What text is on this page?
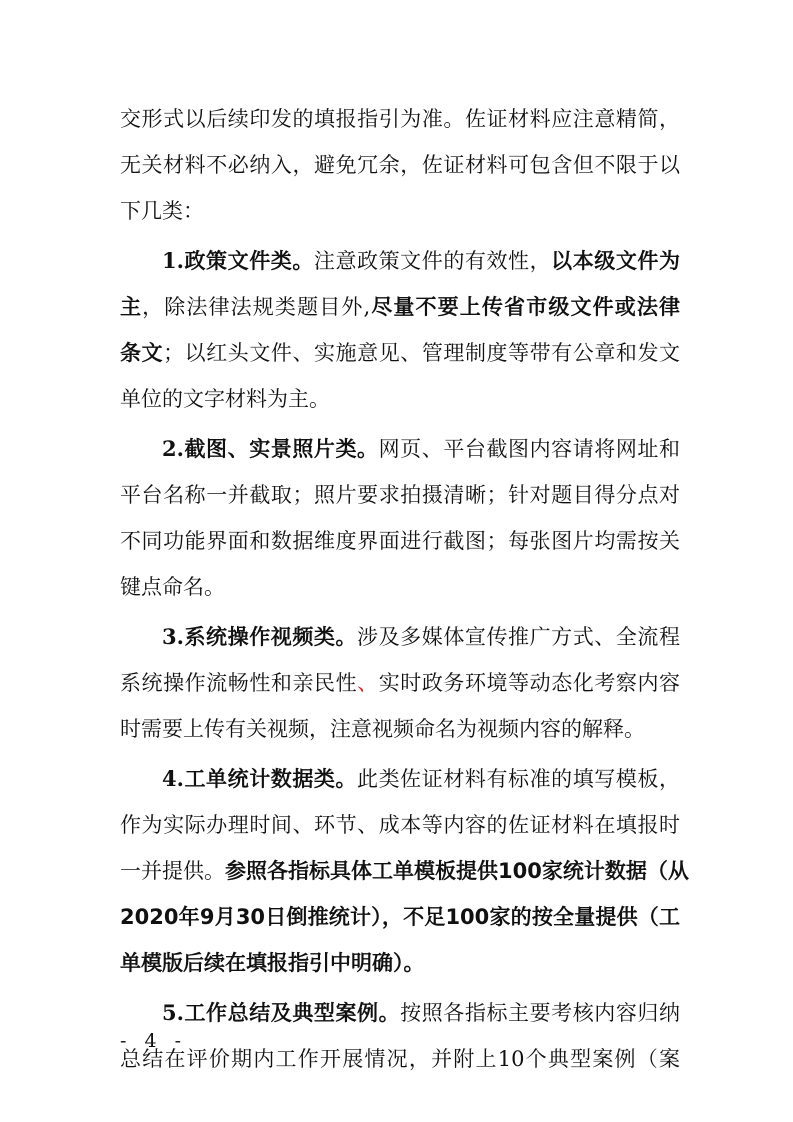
交形式以后续印发的填报指引为准。佐证材料应注意精简，
无关材料不必纳入，避免冗余，佐证材料可包含但不限于以
下几类：
1.政策文件类。注意政策文件的有效性，以本级文件为
主，除法律法规类题目外,尽量不要上传省市级文件或法律
条文；以红头文件、实施意见、管理制度等带有公章和发文
单位的文字材料为主。
2.截图、实景照片类。网页、平台截图内容请将网址和
平台名称一并截取；照片要求拍摄清晰；针对题目得分点对
不同功能界面和数据维度界面进行截图；每张图片均需按关
键点命名。
3.系统操作视频类。涉及多媒体宣传推广方式、全流程
系统操作流畅性和亲民性、实时政务环境等动态化考察内容
时需要上传有关视频，注意视频命名为视频内容的解释。
4.工单统计数据类。此类佐证材料有标准的填写模板，
作为实际办理时间、环节、成本等内容的佐证材料在填报时
一并提供。参照各指标具体工单模板提供100家统计数据（从
2020年9月30日倒推统计），不足100家的按全量提供（工
单模版后续在填报指引中明确）。
5.工作总结及典型案例。按照各指标主要考核内容归纳
总结在评价期内工作开展情况，并附上10个典型案例（案
- 4 -
